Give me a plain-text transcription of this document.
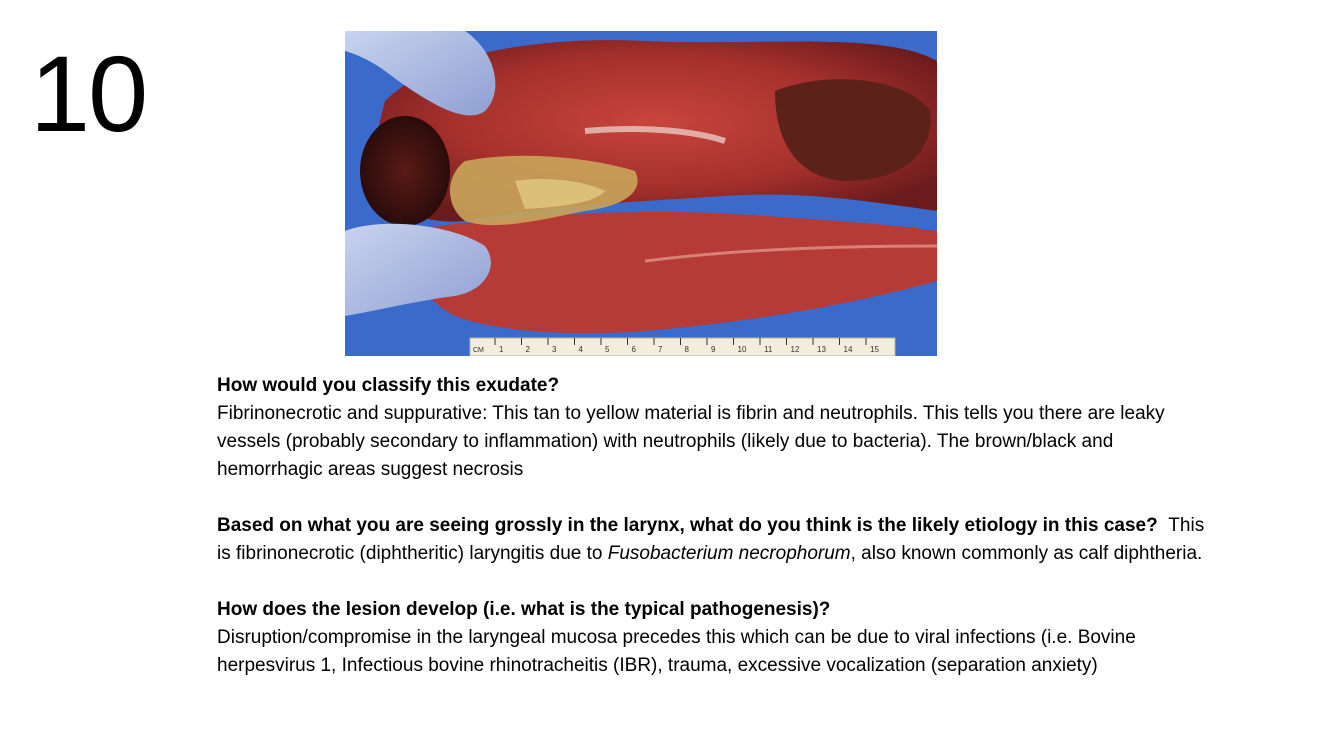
10
CM 1	2	3	4	5	6	7	8	9	10 11 12 13 14 15
How would you classify this exudate?
Fibrinonecrotic and suppurative: This tan to yellow material is fibrin and neutrophils. This tells you there are leaky vessels (probably secondary to inflammation) with neutrophils (likely due to bacteria). The brown/black and hemorrhagic areas suggest necrosis
Based on what you are seeing grossly in the larynx, what do you think is the likely etiology in this case? This is fibrinonecrotic (diphtheritic) laryngitis due to Fusobacterium necrophorum, also known commonly as calf diphtheria.
How does the lesion develop (i.e. what is the typical pathogenesis)?
Disruption/compromise in the laryngeal mucosa precedes this which can be due to viral infections (i.e. Bovine herpesvirus 1, Infectious bovine rhinotracheitis (IBR), trauma, excessive vocalization (separation anxiety)
